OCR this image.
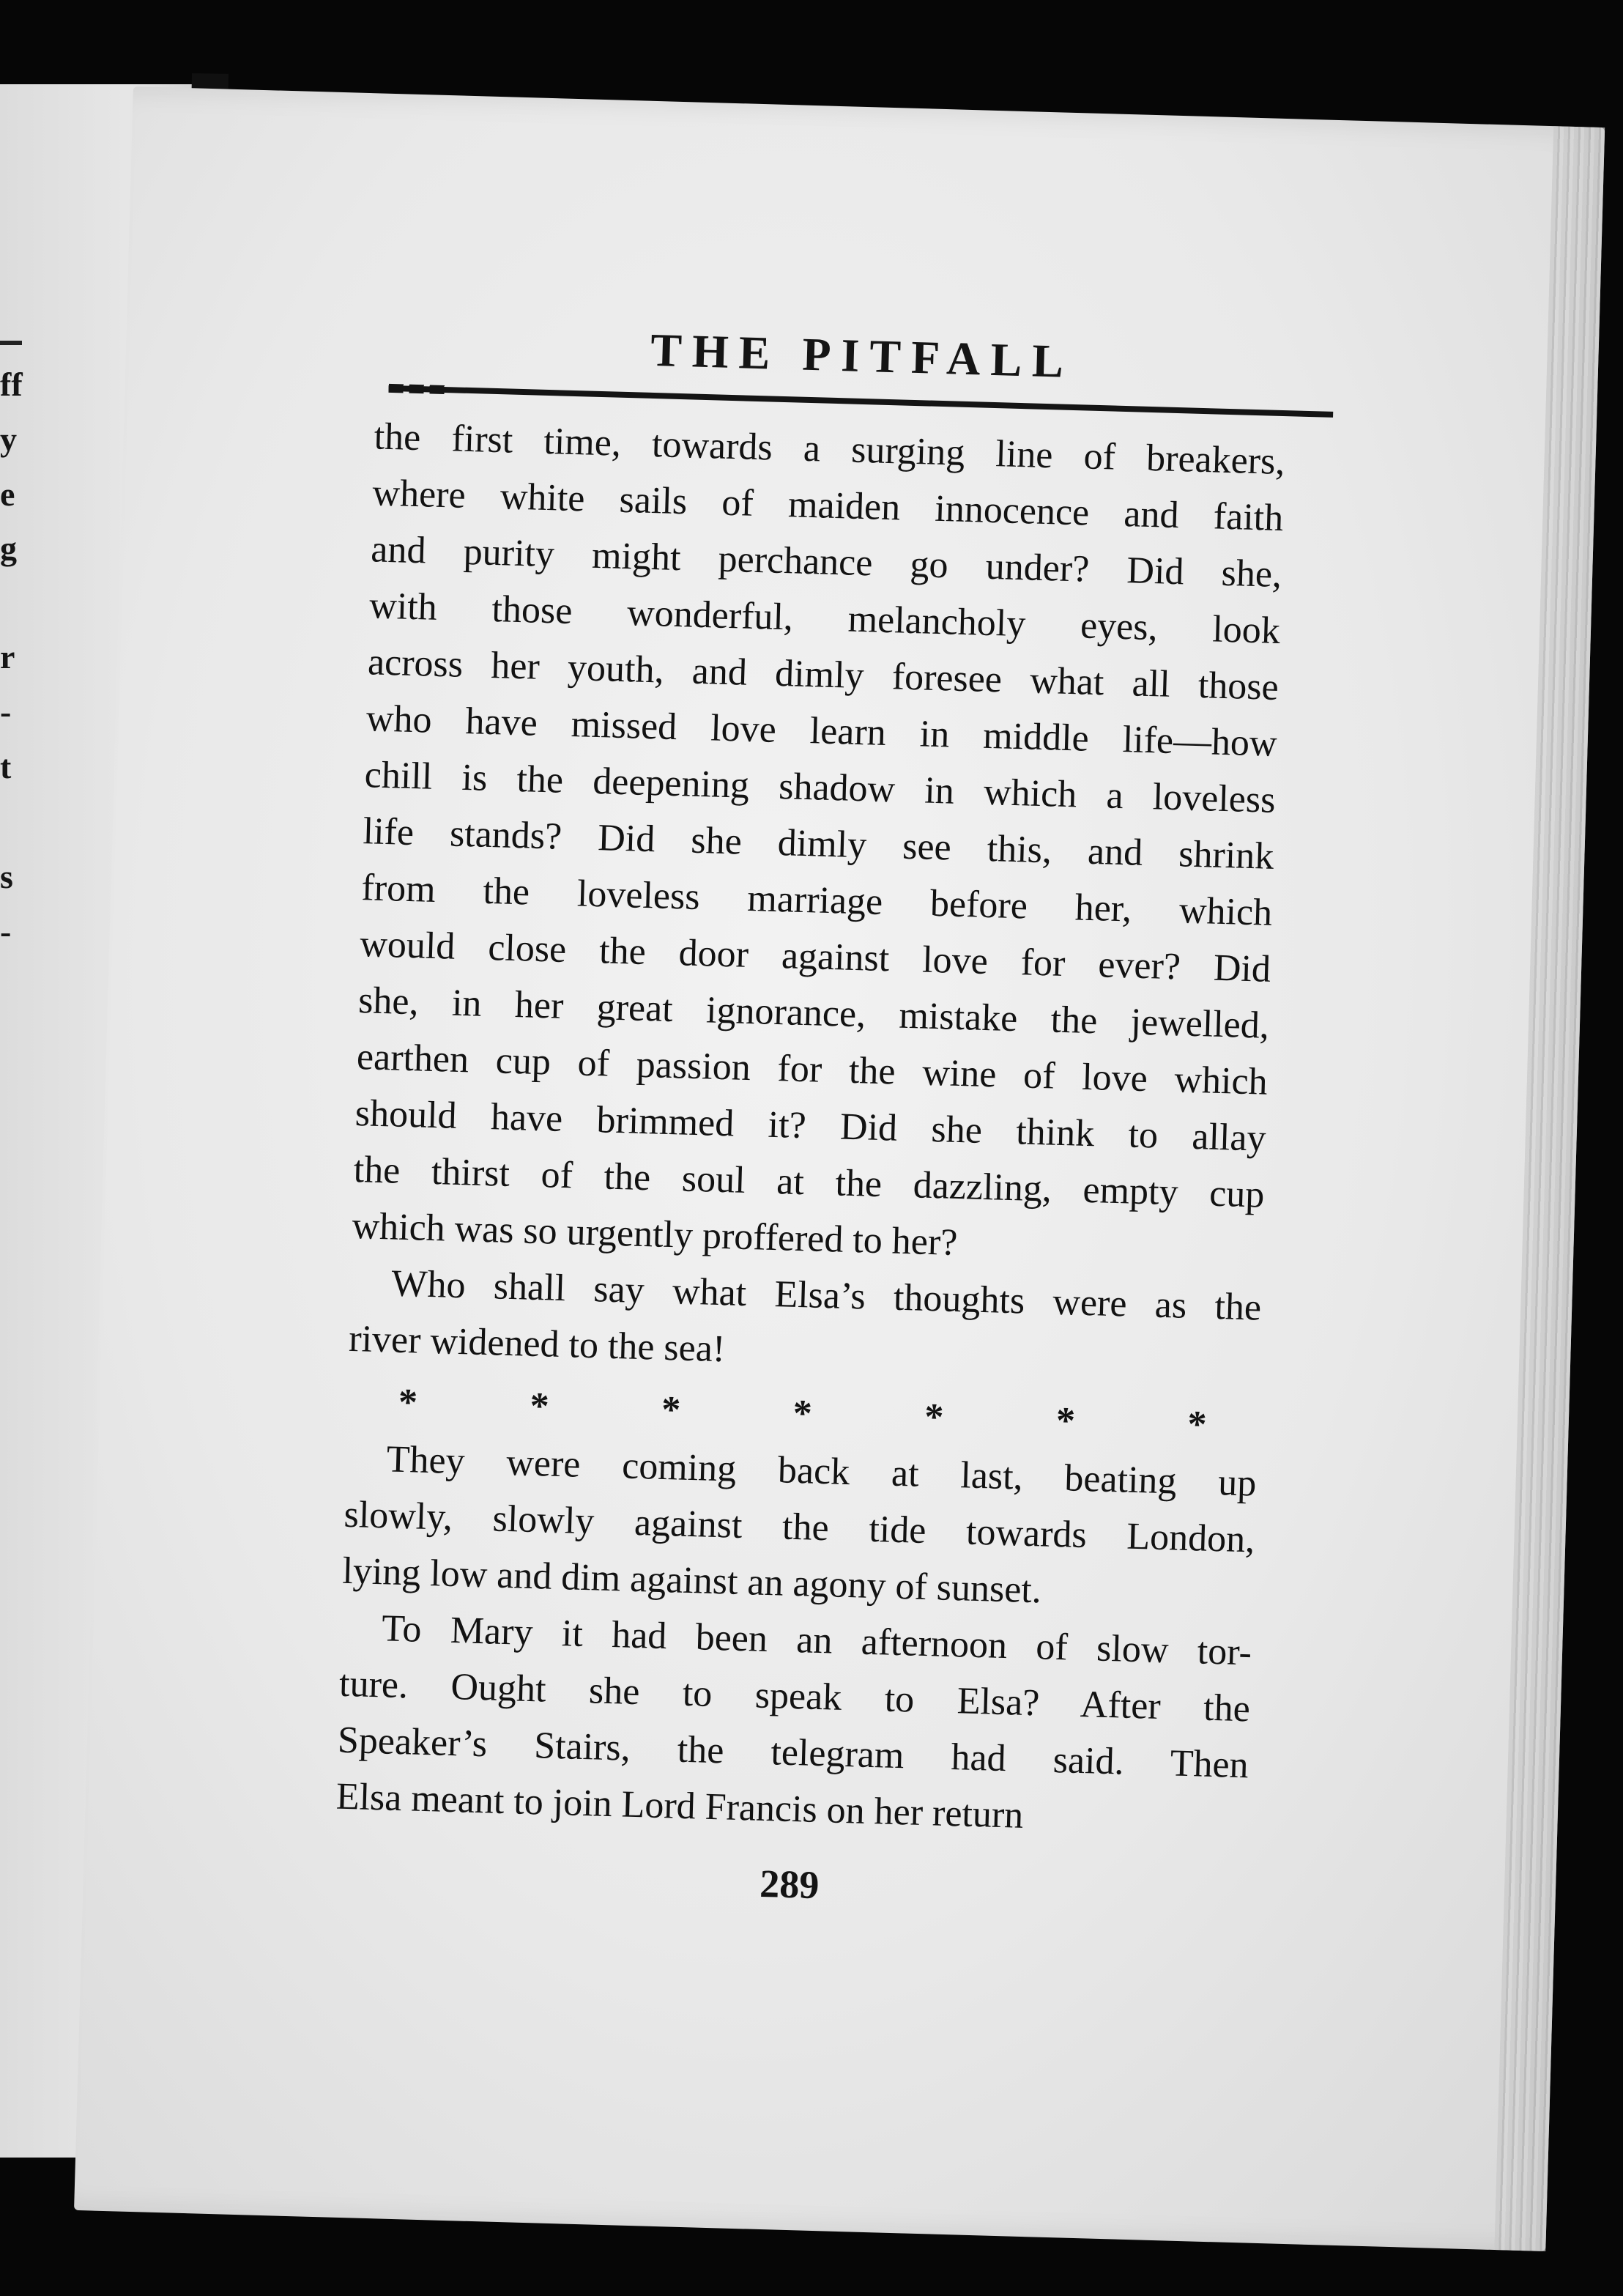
ff
y
e
g
r
-
t
s
-
THE PITFALL
the first time, towards a surging line of breakers,
where white sails of maiden innocence and faith
and purity might perchance go under? Did she,
with those wonderful, melancholy eyes, look
across her youth, and dimly foresee what all those
who have missed love learn in middle life—how
chill is the deepening shadow in which a loveless
life stands? Did she dimly see this, and shrink
from the loveless marriage before her, which
would close the door against love for ever? Did
she, in her great ignorance, mistake the jewelled,
earthen cup of passion for the wine of love which
should have brimmed it? Did she think to allay
the thirst of the soul at the dazzling, empty cup
which was so urgently proffered to her?
Who shall say what Elsa’s thoughts were as the
river widened to the sea!
*	*	*	*	*	*	*
They were coming back at last, beating up
slowly, slowly against the tide towards London,
lying low and dim against an agony of sunset.
To Mary it had been an afternoon of slow tor-
ture. Ought she to speak to Elsa? After the
Speaker’s Stairs, the telegram had said. Then
Elsa meant to join Lord Francis on her return
289
